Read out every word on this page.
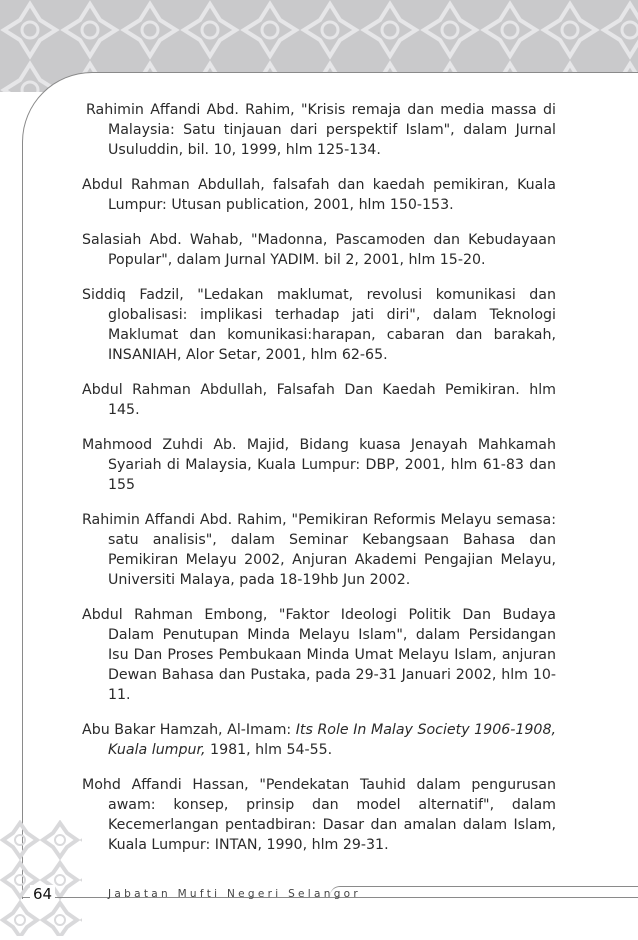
Rahimin Affandi Abd. Rahim, "Krisis remaja dan media massa di Malaysia: Satu tinjauan dari perspektif Islam", dalam Jurnal Usuluddin, bil. 10, 1999, hlm 125-134.

Abdul Rahman Abdullah, falsafah dan kaedah pemikiran, Kuala Lumpur: Utusan publication, 2001, hlm 150-153.

Salasiah Abd. Wahab, "Madonna, Pascamoden dan Kebudayaan Popular", dalam Jurnal YADIM. bil 2, 2001, hlm 15-20.

Siddiq Fadzil, "Ledakan maklumat, revolusi komunikasi dan globalisasi: implikasi terhadap jati diri", dalam Teknologi Maklumat dan komunikasi:harapan, cabaran dan barakah, INSANIAH, Alor Setar, 2001, hlm 62-65.

Abdul Rahman Abdullah, Falsafah Dan Kaedah Pemikiran. hlm 145.

Mahmood Zuhdi Ab. Majid, Bidang kuasa Jenayah Mahkamah Syariah di Malaysia, Kuala Lumpur: DBP, 2001, hlm 61-83 dan 155

Rahimin Affandi Abd. Rahim, "Pemikiran Reformis Melayu semasa: satu analisis", dalam Seminar Kebangsaan Bahasa dan Pemikiran Melayu 2002, Anjuran Akademi Pengajian Melayu, Universiti Malaya, pada 18-19hb Jun 2002.

Abdul Rahman Embong, "Faktor Ideologi Politik Dan Budaya Dalam Penutupan Minda Melayu Islam", dalam Persidangan Isu Dan Proses Pembukaan Minda Umat Melayu Islam, anjuran Dewan Bahasa dan Pustaka, pada 29-31 Januari 2002, hlm 10-11.

Abu Bakar Hamzah, Al-Imam: Its Role In Malay Society 1906-1908, Kuala lumpur, 1981, hlm 54-55.

Mohd Affandi Hassan, "Pendekatan Tauhid dalam pengurusan awam: konsep, prinsip dan model alternatif", dalam Kecemerlangan pentadbiran: Dasar dan amalan dalam Islam, Kuala Lumpur: INTAN, 1990, hlm 29-31.

64	Jabatan Mufti Negeri Selangor
